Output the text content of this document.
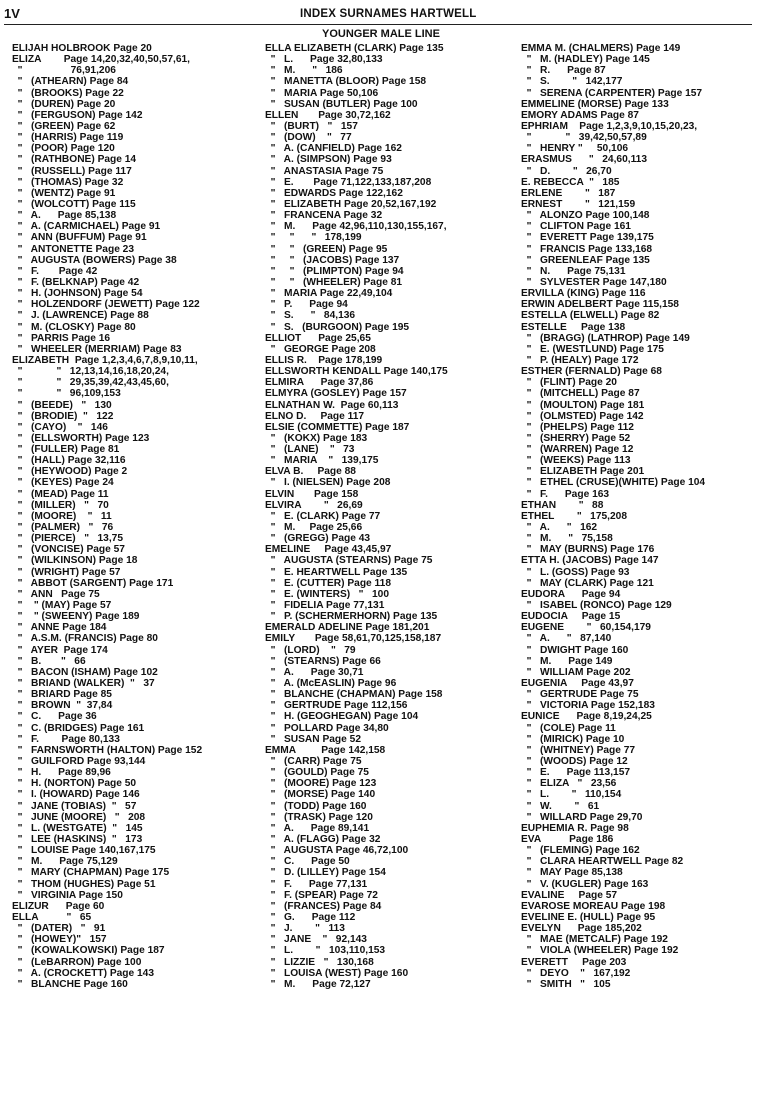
1V	INDEX SURNAMES HARTWELL
YOUNGER MALE LINE
ELIJAH HOLBROOK Page 20
ELIZA        Page 14,20,32,40,50,57,61,
"                 76,91,206
"   (ATHEARN) Page 84
"   (BROOKS) Page 22
"   (DUREN) Page 20
"   (FERGUSON) Page 142
"   (GREEN) Page 62
"   (HARRIS) Page 119
"   (POOR) Page 120
"   (RATHBONE) Page 14
"   (RUSSELL) Page 117
"   (THOMAS) Page 32
"   (WENTZ) Page 91
"   (WOLCOTT) Page 115
"   A.      Page 85,138
"   A. (CARMICHAEL) Page 91
"   ANN (BUFFUM) Page 91
"   ANTONETTE Page 23
"   AUGUSTA (BOWERS) Page 38
"   F.       Page 42
"   F. (BELKNAP) Page 42
"   H. (JOHNSON) Page 54
"   HOLZENDORF (JEWETT) Page 122
"   J. (LAWRENCE) Page 88
"   M. (CLOSKY) Page 80
"   PARRIS Page 16
"   WHEELER (MERRIAM) Page 83
ELIZABETH  Page 1,2,3,4,6,7,8,9,10,11,
"            "   12,13,14,16,18,20,24,
"            "   29,35,39,42,43,45,60,
"            "   96,109,153
"   (BEEDE)   "   130
"   (BRODIE)  "   122
"   (CAYO)    "   146
"   (ELLSWORTH) Page 123
"   (FULLER) Page 81
"   (HALL) Page 32,116
"   (HEYWOOD) Page 2
"   (KEYES) Page 24
"   (MEAD) Page 11
"   (MILLER)   "   70
"   (MOORE)    "   11
"   (PALMER)   "   76
"   (PIERCE)   "   13,75
"   (VONCISE) Page 57
"   (WILKINSON) Page 18
"   (WRIGHT) Page 57
"   ABBOT (SARGENT) Page 171
"   ANN   Page 75
"    " (MAY) Page 57
"    " (SWEENY) Page 189
"   ANNE Page 184
"   A.S.M. (FRANCIS) Page 80
"   AYER  Page 174
"   B.       "   66
"   BACON (ISHAM) Page 102
"   BRIAND (WALKER)  "   37
"   BRIARD Page 85
"   BROWN  "  37,84
"   C.      Page 36
"   C. (BRIDGES) Page 161
"   F.        Page 80,133
"   FARNSWORTH (HALTON) Page 152
"   GUILFORD Page 93,144
"   H.      Page 89,96
"   H. (NORTON) Page 50
"   I. (HOWARD) Page 146
"   JANE (TOBIAS)  "   57
"   JUNE (MOORE)   "   208
"   L. (WESTGATE)  "   145
"   LEE (HASKINS)  "   173
"   LOUISE Page 140,167,175
"   M.      Page 75,129
"   MARY (CHAPMAN) Page 175
"   THOM (HUGHES) Page 51
"   VIRGINIA Page 150
ELIZUR      Page 60
ELLA          "   65
"   (DATER)   "   91
"   (HOWEY)"   157
"   (KOWALKOWSKI) Page 187
"   (LeBARRON) Page 100
"   A. (CROCKETT) Page 143
"   BLANCHE Page 160
ELLA ELIZABETH (CLARK) Page 135
"   L.      Page 32,80,133
"   M.      "   186
"   MANETTA (BLOOR) Page 158
"   MARIA Page 50,106
"   SUSAN (BUTLER) Page 100
ELLEN       Page 30,72,162
"   (BURT)   "   157
"   (DOW)    "   77
"   A. (CANFIELD) Page 162
"   A. (SIMPSON) Page 93
"   ANASTASIA Page 75
"   E.       Page 71,122,133,187,208
"   EDWARDS Page 122,162
"   ELIZABETH Page 20,52,167,192
"   FRANCENA Page 32
"   M.      Page 42,96,110,130,155,167,
"     "      "   178,199
"     "   (GREEN) Page 95
"     "   (JACOBS) Page 137
"     "   (PLIMPTON) Page 94
"     "   (WHEELER) Page 81
"   MARIA Page 22,49,104
"   P.      Page 94
"   S.      "   84,136
"   S.   (BURGOON) Page 195
ELLIOT      Page 25,65
"   GEORGE Page 208
ELLIS R.    Page 178,199
ELLSWORTH KENDALL Page 140,175
ELMIRA      Page 37,86
ELMYRA (GOSLEY) Page 157
ELNATHAN W.  Page 60,113
ELNO D.     Page 117
ELSIE (COMMETTE) Page 187
"   (KOKX) Page 183
"   (LANE)    "   73
"   MARIA    "   139,175
ELVA B.     Page 88
"   I. (NIELSEN) Page 208
ELVIN       Page 158
ELVIRA        "   26,69
"   E. (CLARK) Page 77
"   M.     Page 25,66
"   (GREGG) Page 43
EMELINE     Page 43,45,97
"   AUGUSTA (STEARNS) Page 75
"   E. HEARTWELL Page 135
"   E. (CUTTER) Page 118
"   E. (WINTERS)   "   100
"   FIDELIA Page 77,131
"   P. (SCHERMERHORN) Page 135
EMERALD ADELINE Page 181,201
EMILY       Page 58,61,70,125,158,187
"   (LORD)    "   79
"   (STEARNS) Page 66
"   A.      Page 30,71
"   A. (McEASLIN) Page 96
"   BLANCHE (CHAPMAN) Page 158
"   GERTRUDE Page 112,156
"   H. (GEOGHEGAN) Page 104
"   POLLARD Page 34,80
"   SUSAN Page 52
EMMA         Page 142,158
"   (CARR) Page 75
"   (GOULD) Page 75
"   (MOORE) Page 123
"   (MORSE) Page 140
"   (TODD) Page 160
"   (TRASK) Page 120
"   A.      Page 89,141
"   A. (FLAGG) Page 32
"   AUGUSTA Page 46,72,100
"   C.      Page 50
"   D. (LILLEY) Page 154
"   F.      Page 77,131
"   F. (SPEAR) Page 72
"   (FRANCES) Page 84
"   G.      Page 112
"   J.        "   113
"   JANE    "   92,143
"   L.        "   103,110,153
"   LIZZIE   "   130,168
"   LOUISA (WEST) Page 160
"   M.      Page 72,127
EMMA M. (CHALMERS) Page 149
"   M. (HADLEY) Page 145
"   R.      Page 87
"   S.        "   142,177
"   SERENA (CARPENTER) Page 157
EMMELINE (MORSE) Page 133
EMORY ADAMS Page 87
EPHRIAM    Page 1,2,3,9,10,15,20,23,
"            "   39,42,50,57,89
"   HENRY "     50,106
ERASMUS      "   24,60,113
"   D.        "   26,70
E. REBECCA  "   185
ERLENE        "   187
ERNEST        "   121,159
"   ALONZO Page 100,148
"   CLIFTON Page 161
"   EVERETT Page 139,175
"   FRANCIS Page 133,168
"   GREENLEAF Page 135
"   N.      Page 75,131
"   SYLVESTER Page 147,180
ERVILLA (KING) Page 116
ERWIN ADELBERT Page 115,158
ESTELLA (ELWELL) Page 82
ESTELLE     Page 138
"   (BRAGG) (LATHROP) Page 149
"   E. (WESTLUND) Page 175
"   P. (HEALY) Page 172
ESTHER (FERNALD) Page 68
"   (FLINT) Page 20
"   (MITCHELL) Page 87
"   (MOULTON) Page 181
"   (OLMSTED) Page 142
"   (PHELPS) Page 112
"   (SHERRY) Page 52
"   (WARREN) Page 12
"   (WEEKS) Page 113
"   ELIZABETH Page 201
"   ETHEL (CRUSE)(WHITE) Page 104
"   F.      Page 163
ETHAN        "   88
ETHEL        "   175,208
"   A.      "   162
"   M.      "   75,158
"   MAY (BURNS) Page 176
ETTA H. (JACOBS) Page 147
"   L. (GOSS) Page 93
"   MAY (CLARK) Page 121
EUDORA      Page 94
"   ISABEL (RONCO) Page 129
EUDOCIA     Page 15
EUGENE        "   60,154,179
"   A.      "   87,140
"   DWIGHT Page 160
"   M.      Page 149
"   WILLIAM Page 202
EUGENIA     Page 43,97
"   GERTRUDE Page 75
"   VICTORIA Page 152,183
EUNICE      Page 8,19,24,25
"   (COLE) Page 11
"   (MIRICK) Page 10
"   (WHITNEY) Page 77
"   (WOODS) Page 12
"   E.      Page 113,157
"   ELIZA   "   23,56
"   L.        "   110,154
"   W.        "   61
"   WILLARD Page 29,70
EUPHEMIA R. Page 98
EVA          Page 186
"   (FLEMING) Page 162
"   CLARA HEARTWELL Page 82
"   MAY Page 85,138
"   V. (KUGLER) Page 163
EVALINE     Page 57
EVAROSE MOREAU Page 198
EVELINE E. (HULL) Page 95
EVELYN      Page 185,202
"   MAE (METCALF) Page 192
"   VIOLA (WHEELER) Page 192
EVERETT     Page 203
"   DEYO    "   167,192
"   SMITH   "   105
